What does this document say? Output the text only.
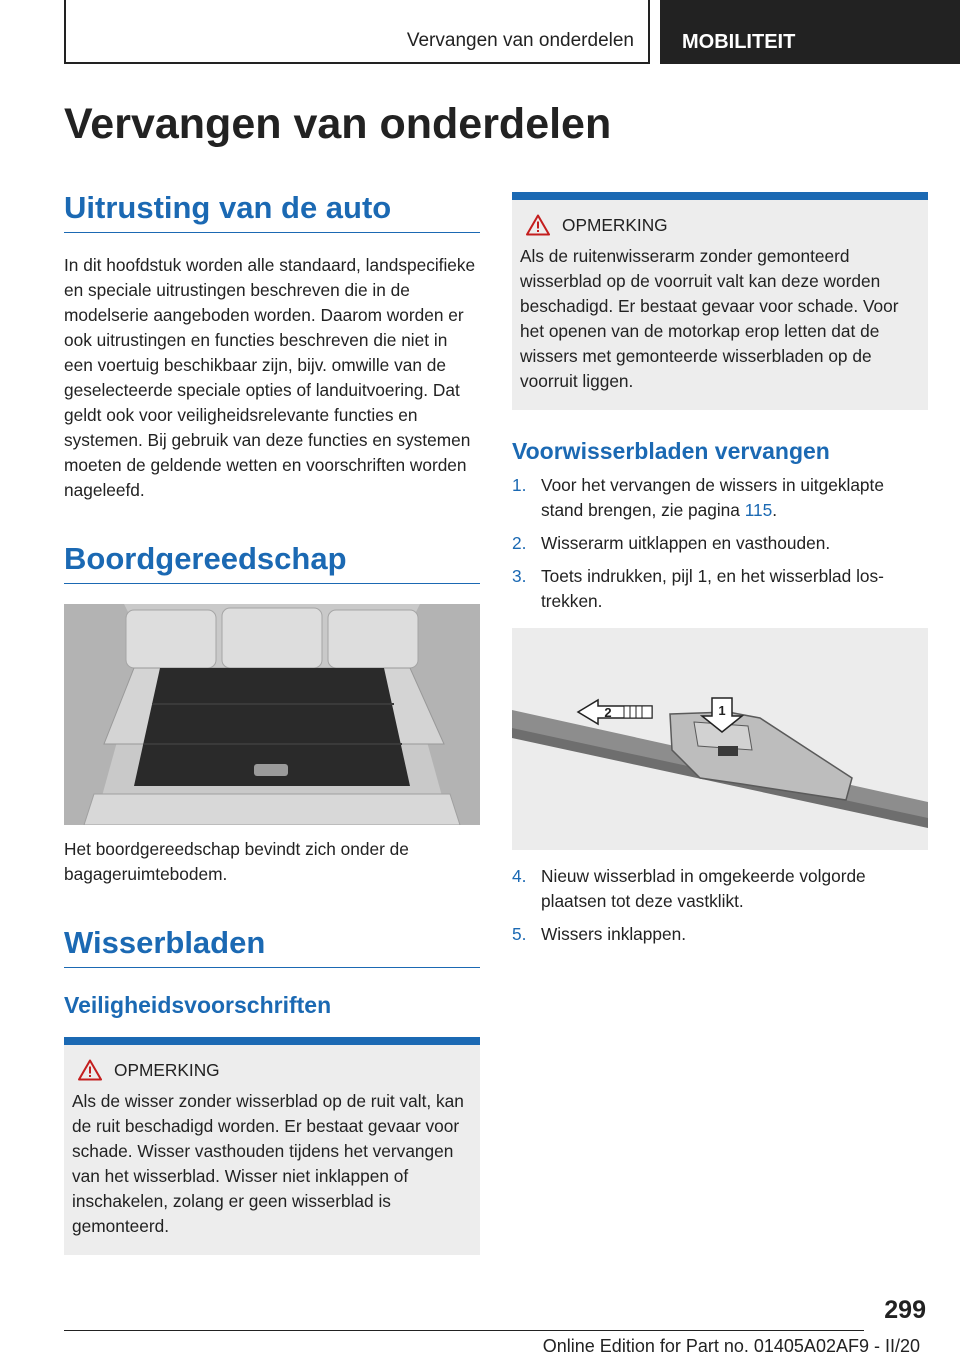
Vervangen van onderdelen	MOBILITEIT
Vervangen van onderdelen
Uitrusting van de auto

In dit hoofdstuk worden alle standaard, landspecifieke en speciale uitrustingen beschreven die in de modelserie aangeboden worden. Daarom worden er ook uitrustingen en functies beschreven die niet in een voertuig beschikbaar zijn, bijv. omwille van de geselecteerde speciale opties of landuitvoering. Dat geldt ook voor veiligheidsrelevante functies en systemen. Bij gebruik van deze functies en systemen moeten de geldende wetten en voorschriften worden nageleefd.

Boordgereedschap

Het boordgereedschap bevindt zich onder de bagageruimtebodem.

Wisserbladen
Veiligheidsvoorschriften
OPMERKING

Als de wisser zonder wisserblad op de ruit valt, kan de ruit beschadigd worden. Er bestaat gevaar voor schade. Wisser vasthouden tijdens het vervangen van het wisserblad. Wisser niet inklappen of inschakelen, zolang er geen wisserblad is gemonteerd.

OPMERKING

Als de ruitenwisserarm zonder gemonteerd wisserblad op de voorruit valt kan deze worden beschadigd. Er bestaat gevaar voor schade. Voor het openen van de motorkap erop letten dat de wissers met gemonteerde wisserbladen op de voorruit liggen.

Voorwisserbladen vervangen
1. Voor het vervangen de wissers in uitgeklapte stand brengen, zie pagina 115.
2. Wisserarm uitklappen en vasthouden.
3. Toets indrukken, pijl 1, en het wisserblad lostrekken.
1
2
4. Nieuw wisserblad in omgekeerde volgorde plaatsen tot deze vastklikt.
5. Wissers inklappen.
299
Online Edition for Part no. 01405A02AF9 - II/20
